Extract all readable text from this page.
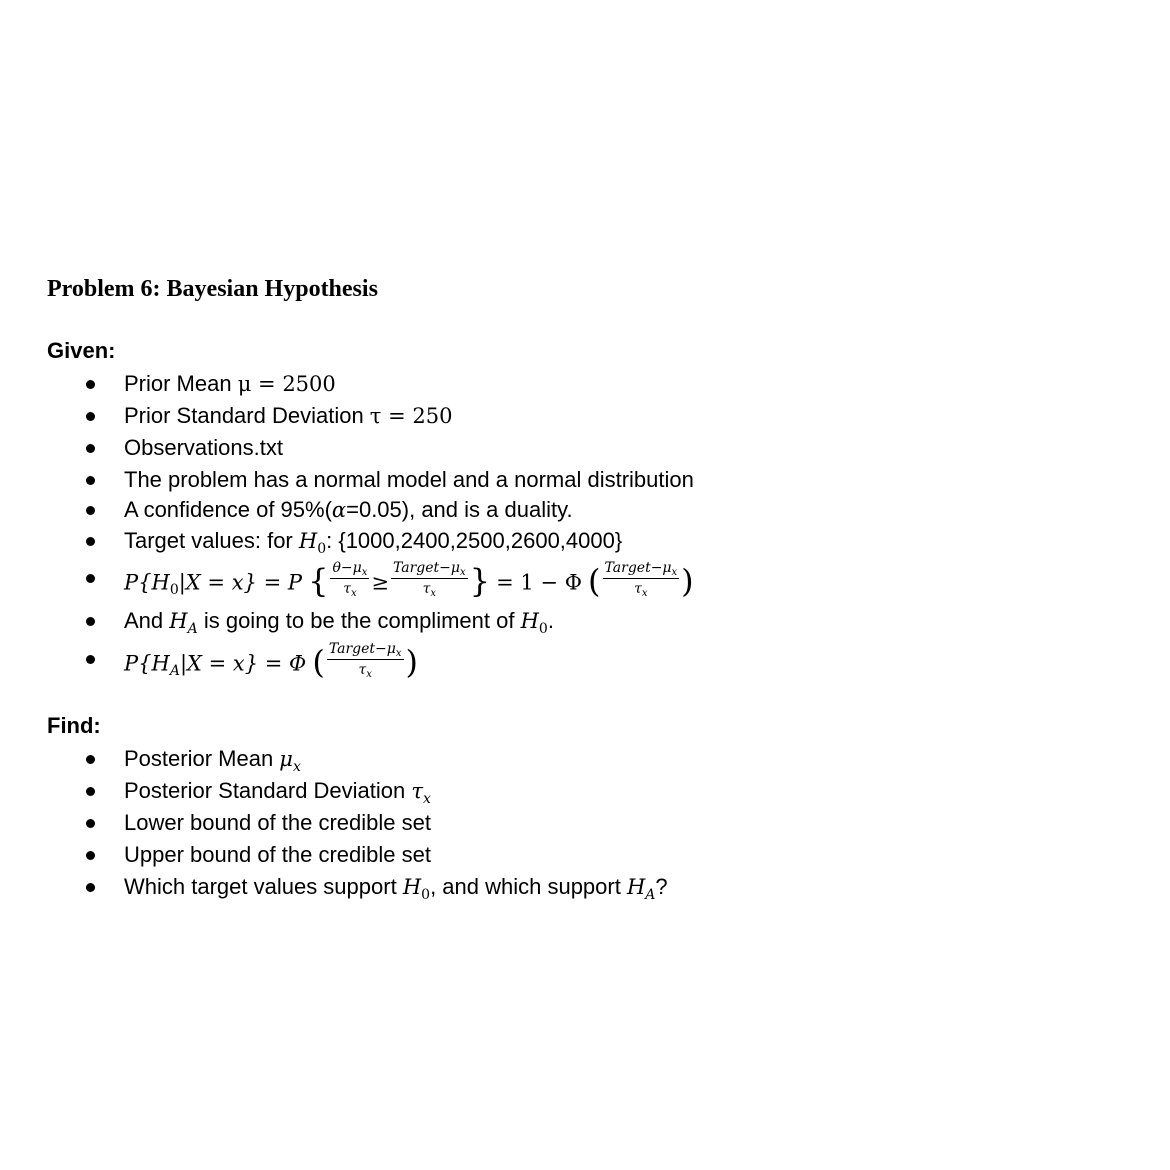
Problem 6: Bayesian Hypothesis
Given:
Prior Mean μ = 2500
Prior Standard Deviation τ = 250
Observations.txt
The problem has a normal model and a normal distribution
A confidence of 95%(α=0.05), and is a duality.
Target values: for $H_0$: {1000,2400,2500,2600,4000}
$P\{H_0|X = x\} = P$ { $\frac{\theta-\mu_x}{\tau_x} \ge \frac{Target-\mu_x}{\tau_x}$ } = 1 − Φ ( $\frac{Target-\mu_x}{\tau_x}$ )
And $H_A$ is going to be the compliment of $H_0$.
$P\{H_A|X = x\} = \Phi$ ( $\frac{Target-\mu_x}{\tau_x}$ )
Find:
Posterior Mean $\mu_x$
Posterior Standard Deviation $\tau_x$
Lower bound of the credible set
Upper bound of the credible set
Which target values support $H_0$, and which support $H_A$?
